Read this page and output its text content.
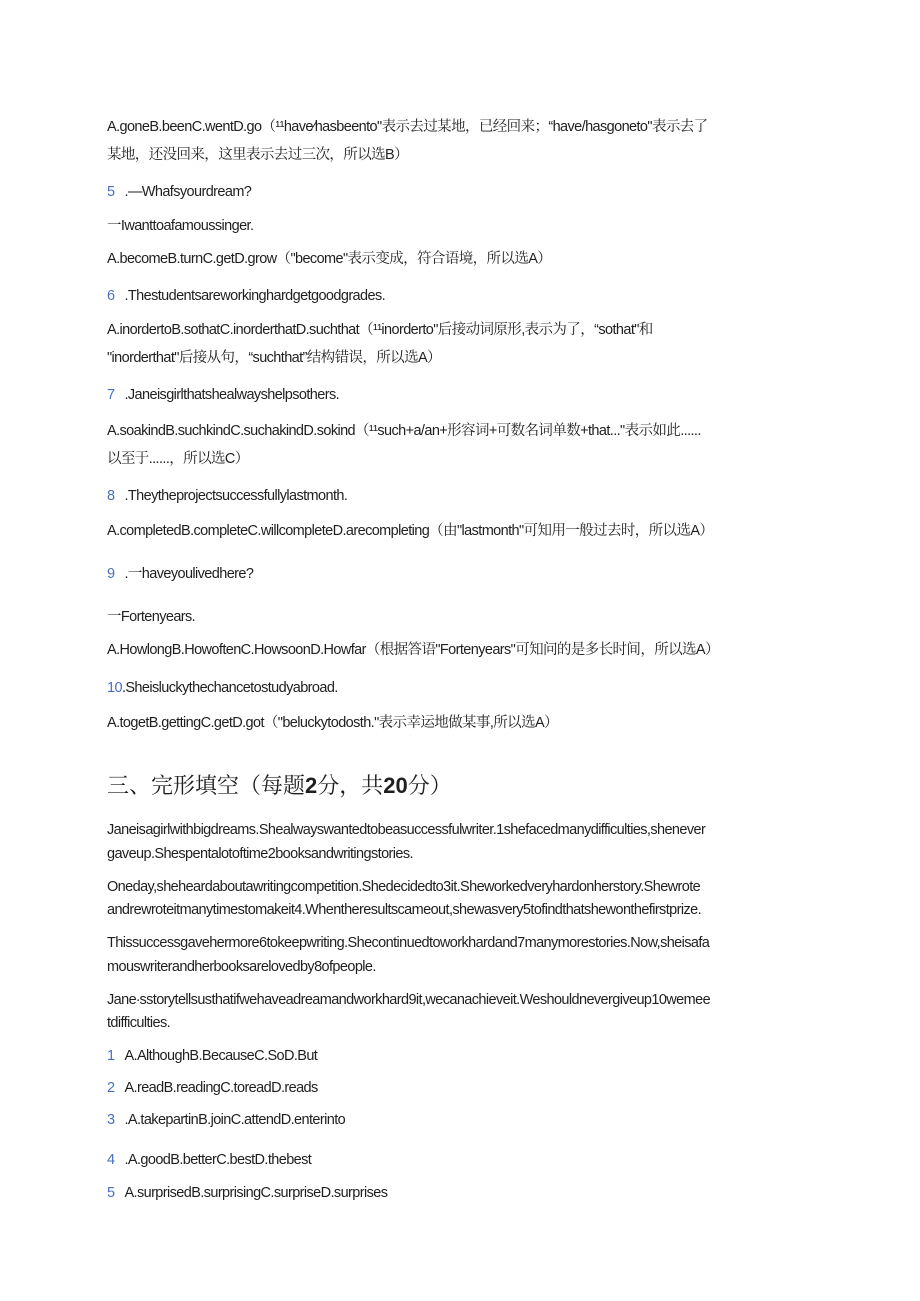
A.goneB.beenC.wentD.go（¹¹have∕hasbeento"表示去过某地，已经回来；“have/hasgoneto"表示去了
某地，还没回来，这里表示去过三次，所以选B）
5 .—Whafsyourdream?
一Iwanttoafamoussinger.
A.becomeB.turnC.getD.grow（"become"表示变成，符合语境，所以选A）
6 .Thestudentsareworkinghardgetgoodgrades.
A.inordertoB.sothatC.inorderthatD.suchthat（¹¹inorderto"后接动词原形,表示为了，“sothat"和
"inorderthat"后接从句，“suchthat”结构错误，所以选A）
7 .Janeisgirlthatshealwayshelpsothers.
A.soakindB.suchkindC.suchakindD.sokind（¹¹such+a/an+形容词+可数名词单数+that..."表示如此......
以至于......，所以选C）
8 .Theytheprojectsuccessfullylastmonth.
A.completedB.completeC.willcompleteD.arecompleting（由"lastmonth"可知用一般过去时，所以选A）
9 .一haveyoulivedhere?
一Fortenyears.
A.HowlongB.HowoftenC.HowsoonD.Howfar（根据答语"Fortenyears"可知问的是多长时间，所以选A）
10.Sheisluckythechancetostudyabroad.
A.togetB.gettingC.getD.got（"beluckytodosth."表示幸运地做某事,所以选A）
三、完形填空（每题2分，共20分）
Janeisagirlwithbigdreams.Shealwayswantedtobeasuccessfulwriter.1shefacedmanydifficulties,shenever
gaveup.Shespentalotoftime2booksandwritingstories.
Oneday,sheheardaboutawritingcompetition.Shedecidedto3it.Sheworkedveryhardonherstory.Shewrote
andrewroteitmanytimestomakeit4.Whentheresultscameout,shewasvery5tofindthatshewonthefirstprize.
Thissuccessgavehermore6tokeepwriting.Shecontinuedtoworkhardand7manymorestories.Now,sheisafa
mouswriterandherbooksarelovedby8ofpeople.
Jane∙sstorytellsusthatifwehaveadreamandworkhard9it,wecanachieveit.Weshouldnevergiveup10wemee
tdifficulties.
1 A.AlthoughB.BecauseC.SoD.But
2 A.readB.readingC.toreadD.reads
3 .A.takepartinB.joinC.attendD.enterinto
4 .A.goodB.betterC.bestD.thebest
5 A.surprisedB.surprisingC.surpriseD.surprises
